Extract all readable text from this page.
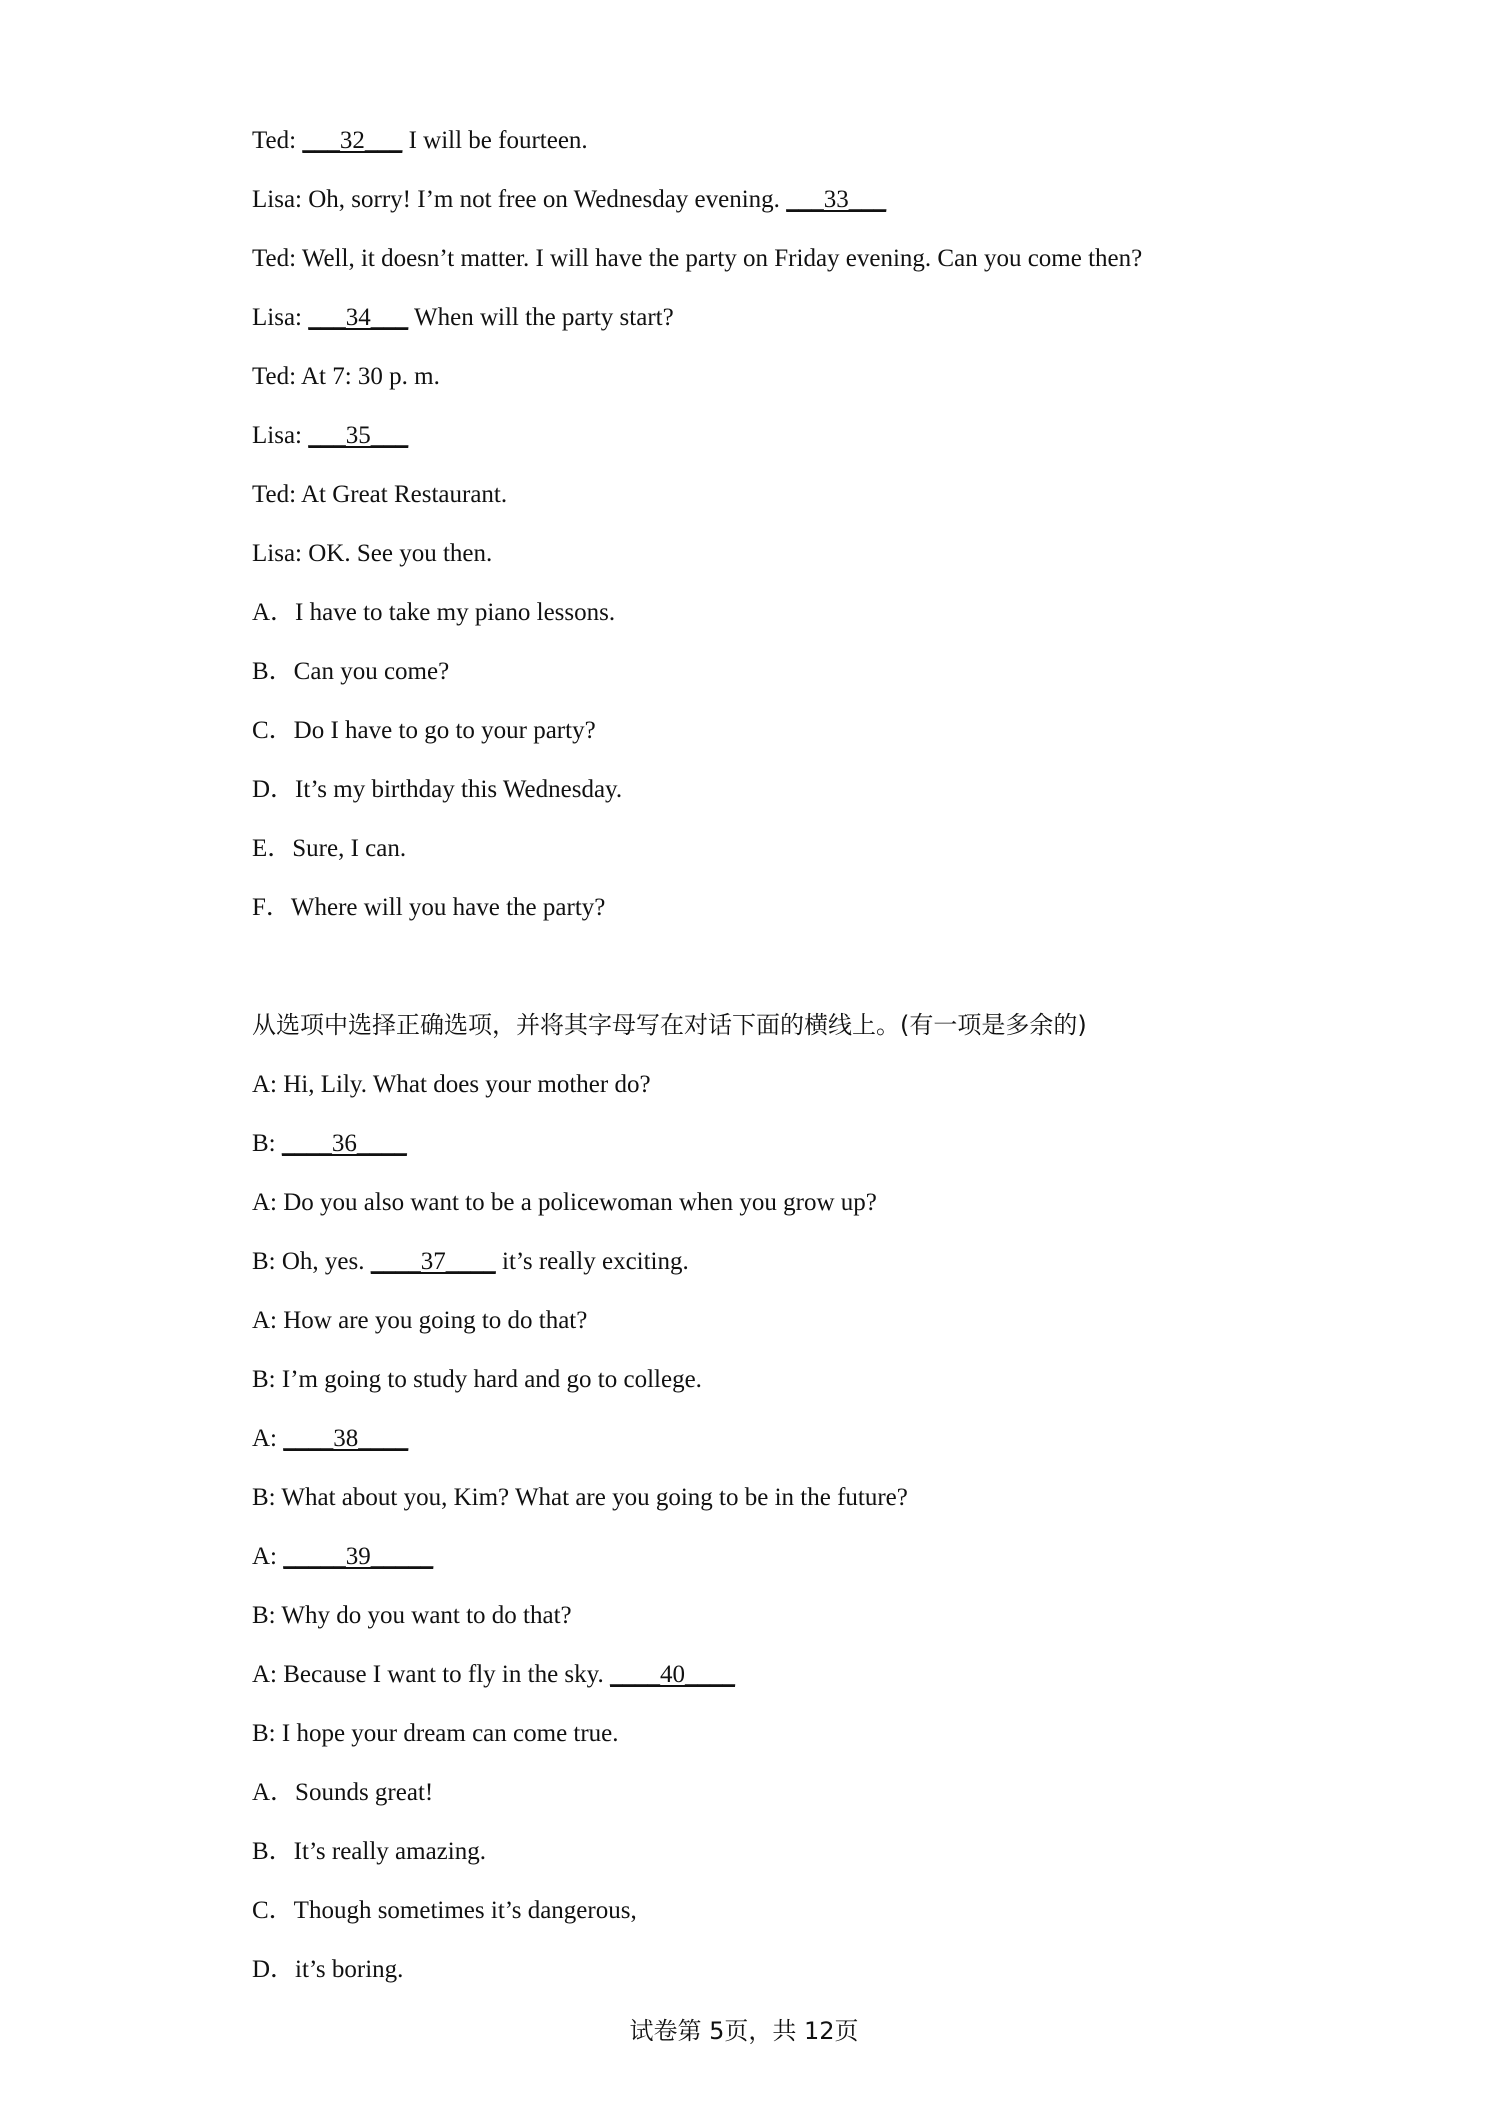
Ted: ___32___ I will be fourteen.
Lisa: Oh, sorry! I’m not free on Wednesday evening. ___33___
Ted: Well, it doesn’t matter. I will have the party on Friday evening. Can you come then?
Lisa: ___34___ When will the party start?
Ted: At 7: 30 p. m.
Lisa: ___35___
Ted: At Great Restaurant.
Lisa: OK. See you then.
A．I have to take my piano lessons.
B．Can you come?
C．Do I have to go to your party?
D．It’s my birthday this Wednesday.
E．Sure, I can.
F．Where will you have the party?
从选项中选择正确选项，并将其字母写在对话下面的横线上。(有一项是多余的)
A: Hi, Lily. What does your mother do?
B: ____36____
A: Do you also want to be a policewoman when you grow up?
B: Oh, yes. ____37____ it’s really exciting.
A: How are you going to do that?
B: I’m going to study hard and go to college.
A: ____38____
B: What about you, Kim? What are you going to be in the future?
A: _____39_____
B: Why do you want to do that?
A: Because I want to fly in the sky. ____40____
B: I hope your dream can come true.
A．Sounds great!
B．It’s really amazing.
C．Though sometimes it’s dangerous,
D．it’s boring.
试卷第 5页，共 12页
